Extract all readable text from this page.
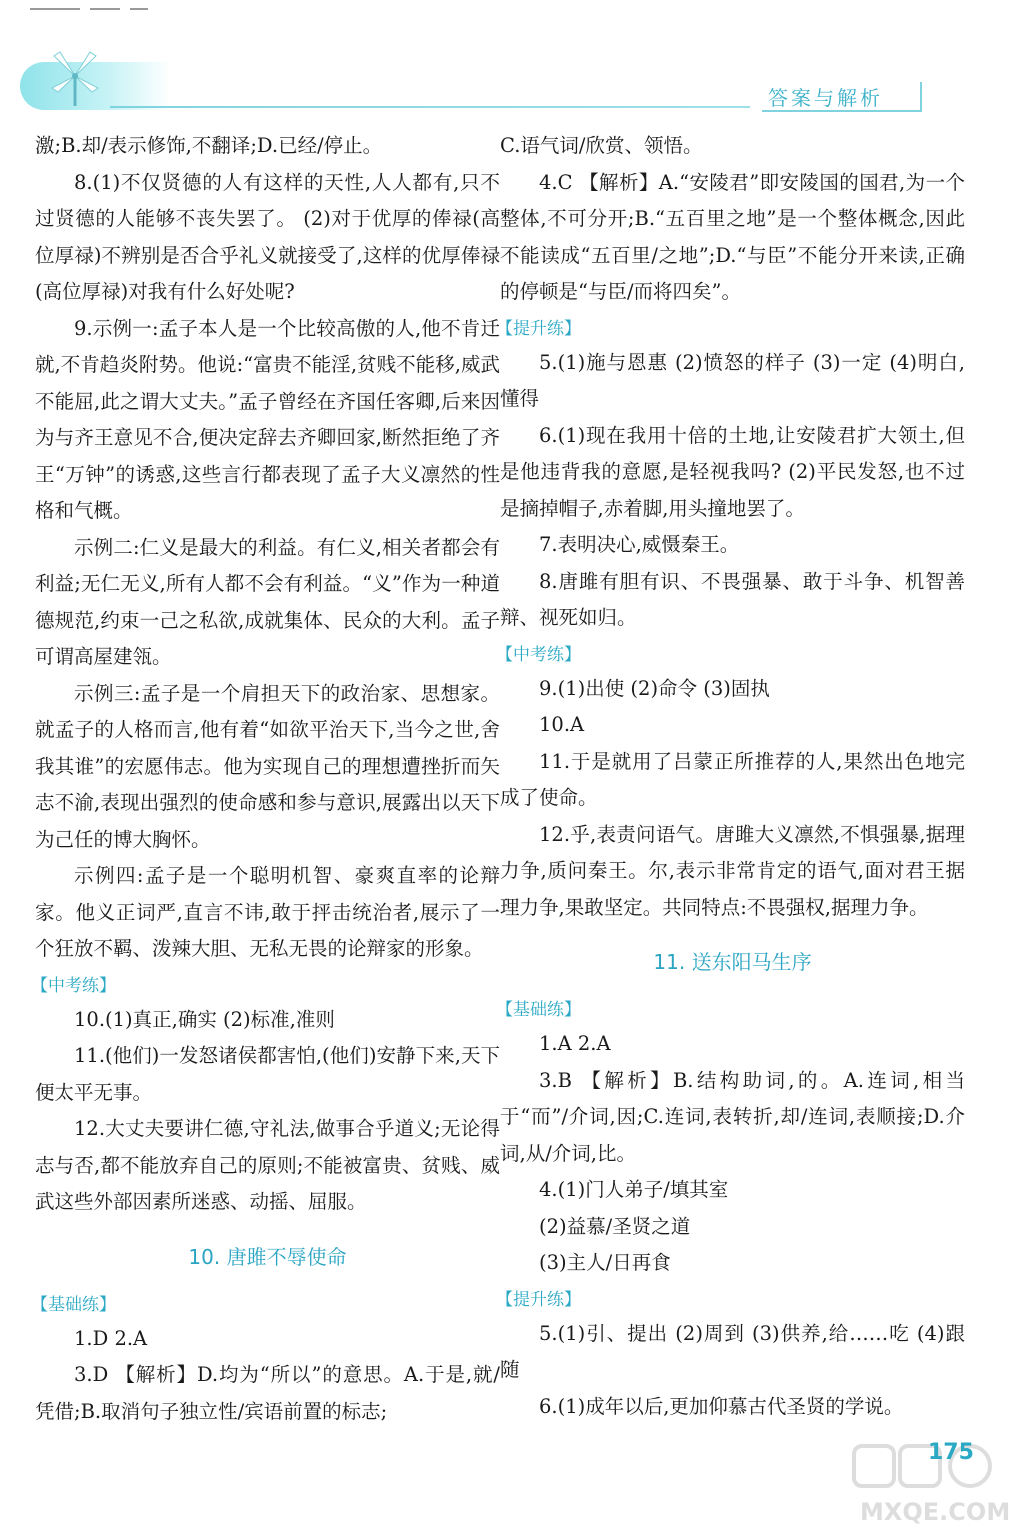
答案与解析

激;B.却/表示修饰,不翻译;D.已经/停止。

8.(1)不仅贤德的人有这样的天性,人人都有,只不过贤德的人能够不丧失罢了。 (2)对于优厚的俸禄(高位厚禄)不辨别是否合乎礼义就接受了,这样的优厚俸禄(高位厚禄)对我有什么好处呢?

9.示例一:孟子本人是一个比较高傲的人,他不肯迁就,不肯趋炎附势。他说:“富贵不能淫,贫贱不能移,威武不能屈,此之谓大丈夫。”孟子曾经在齐国任客卿,后来因为与齐王意见不合,便决定辞去齐卿回家,断然拒绝了齐王“万钟”的诱惑,这些言行都表现了孟子大义凛然的性格和气概。

示例二:仁义是最大的利益。有仁义,相关者都会有利益;无仁无义,所有人都不会有利益。“义”作为一种道德规范,约束一己之私欲,成就集体、民众的大利。孟子可谓高屋建瓴。

示例三:孟子是一个肩担天下的政治家、思想家。就孟子的人格而言,他有着“如欲平治天下,当今之世,舍我其谁”的宏愿伟志。他为实现自己的理想遭挫折而矢志不渝,表现出强烈的使命感和参与意识,展露出以天下为己任的博大胸怀。

示例四:孟子是一个聪明机智、豪爽直率的论辩家。他义正词严,直言不讳,敢于抨击统治者,展示了一个狂放不羁、泼辣大胆、无私无畏的论辩家的形象。

【中考练】

10.(1)真正,确实 (2)标准,准则

11.(他们)一发怒诸侯都害怕,(他们)安静下来,天下便太平无事。

12.大丈夫要讲仁德,守礼法,做事合乎道义;无论得志与否,都不能放弃自己的原则;不能被富贵、贫贱、威武这些外部因素所迷惑、动摇、屈服。

10. 唐雎不辱使命
【基础练】

1.D 2.A

3.D 【解析】D.均为“所以”的意思。A.于是,就/凭借;B.取消句子独立性/宾语前置的标志;

C.语气词/欣赏、领悟。

4.C 【解析】A.“安陵君”即安陵国的国君,为一个整体,不可分开;B.“五百里之地”是一个整体概念,因此不能读成“五百里/之地”;D.“与臣”不能分开来读,正确的停顿是“与臣/而将四矣”。

【提升练】

5.(1)施与恩惠 (2)愤怒的样子 (3)一定 (4)明白,懂得

6.(1)现在我用十倍的土地,让安陵君扩大领土,但是他违背我的意愿,是轻视我吗? (2)平民发怒,也不过是摘掉帽子,赤着脚,用头撞地罢了。

7.表明决心,威慑秦王。

8.唐雎有胆有识、不畏强暴、敢于斗争、机智善辩、视死如归。

【中考练】

9.(1)出使 (2)命令 (3)固执

10.A

11.于是就用了吕蒙正所推荐的人,果然出色地完成了使命。

12.乎,表责问语气。唐雎大义凛然,不惧强暴,据理力争,质问秦王。尔,表示非常肯定的语气,面对君王据理力争,果敢坚定。共同特点:不畏强权,据理力争。

11. 送东阳马生序
【基础练】

1.A 2.A

3.B 【解析】B.结构助词,的。A.连词,相当于“而”/介词,因;C.连词,表转折,却/连词,表顺接;D.介词,从/介词,比。

4.(1)门人弟子/填其室

(2)益慕/圣贤之道

(3)主人/日再食

【提升练】

5.(1)引、提出 (2)周到 (3)供养,给……吃 (4)跟随

6.(1)成年以后,更加仰慕古代圣贤的学说。

MXQE.COM
175
